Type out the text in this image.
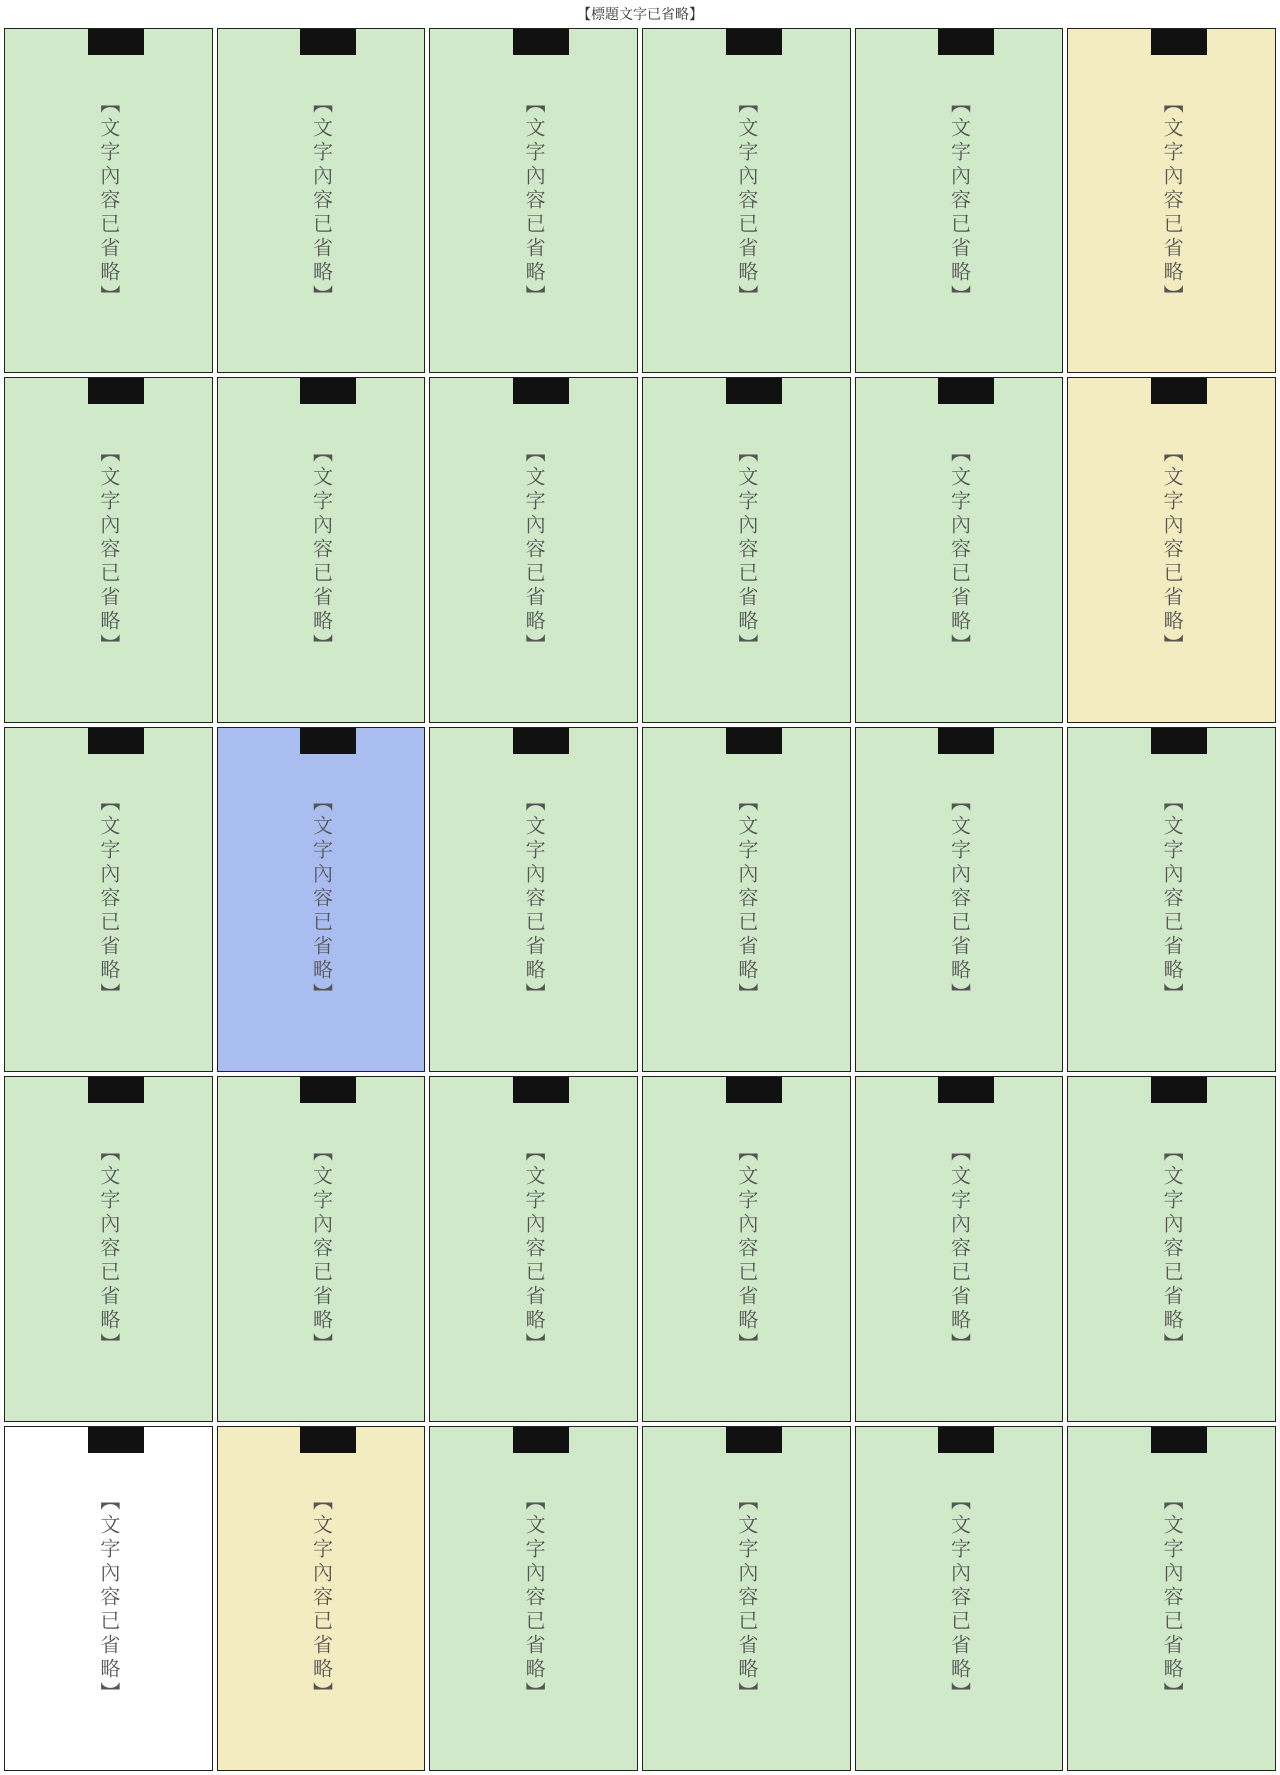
【標題文字已省略】
【文字內容已省略】	【文字內容已省略】	【文字內容已省略】	【文字內容已省略】	【文字內容已省略】	【文字內容已省略】
【文字內容已省略】	【文字內容已省略】	【文字內容已省略】	【文字內容已省略】	【文字內容已省略】	【文字內容已省略】
【文字內容已省略】	【文字內容已省略】	【文字內容已省略】	【文字內容已省略】	【文字內容已省略】	【文字內容已省略】
【文字內容已省略】	【文字內容已省略】	【文字內容已省略】	【文字內容已省略】	【文字內容已省略】	【文字內容已省略】
【文字內容已省略】	【文字內容已省略】	【文字內容已省略】	【文字內容已省略】	【文字內容已省略】	【文字內容已省略】
